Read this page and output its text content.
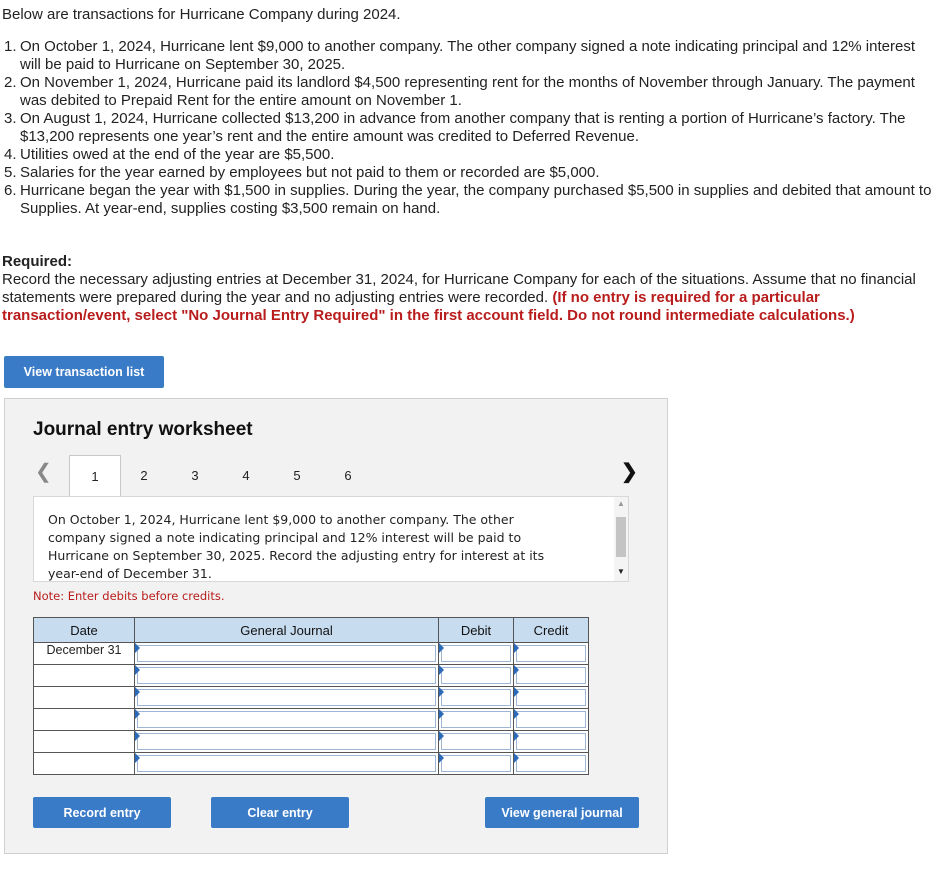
Below are transactions for Hurricane Company during 2024.
1. On October 1, 2024, Hurricane lent $9,000 to another company. The other company signed a note indicating principal and 12% interest will be paid to Hurricane on September 30, 2025.
2. On November 1, 2024, Hurricane paid its landlord $4,500 representing rent for the months of November through January. The payment was debited to Prepaid Rent for the entire amount on November 1.
3. On August 1, 2024, Hurricane collected $13,200 in advance from another company that is renting a portion of Hurricane’s factory. The $13,200 represents one year’s rent and the entire amount was credited to Deferred Revenue.
4. Utilities owed at the end of the year are $5,500.
5. Salaries for the year earned by employees but not paid to them or recorded are $5,000.
6. Hurricane began the year with $1,500 in supplies. During the year, the company purchased $5,500 in supplies and debited that amount to Supplies. At year-end, supplies costing $3,500 remain on hand.
Required:
Record the necessary adjusting entries at December 31, 2024, for Hurricane Company for each of the situations. Assume that no financial statements were prepared during the year and no adjusting entries were recorded. (If no entry is required for a particular transaction/event, select "No Journal Entry Required" in the first account field. Do not round intermediate calculations.)
View transaction list
Journal entry worksheet
❮	1	2	3	4	5	6	❯
On October 1, 2024, Hurricane lent $9,000 to another company. The other company signed a note indicating principal and 12% interest will be paid to Hurricane on September 30, 2025. Record the adjusting entry for interest at its year-end of December 31.
▲
▼
Note: Enter debits before credits.
Date	General Journal	Debit	Credit
December 31	

Record entry	Clear entry	View general journal
